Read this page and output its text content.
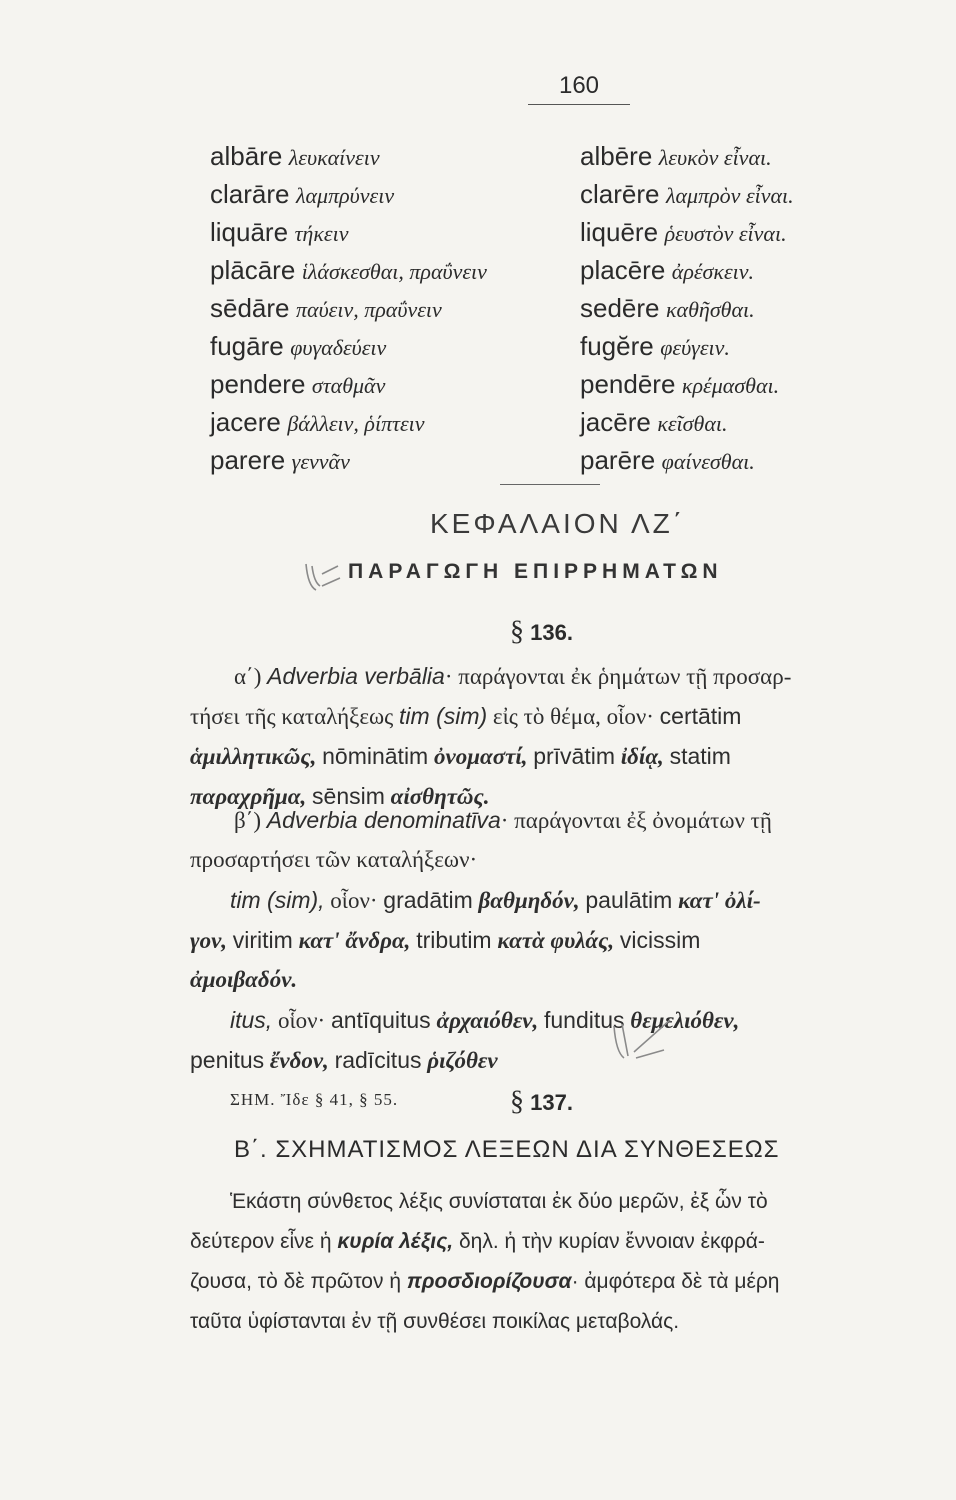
160
albāre λευκαίνειν
clarāre λαμπρύνειν
liquāre τήκειν
plācāre ἱλάσκεσθαι, πραΰνειν
sēdāre παύειν, πραΰνειν
fugāre φυγαδεύειν
pendere σταθμᾶν
jacere βάλλειν, ῥίπτειν
parere γεννᾶν
albēre λευκὸν εἶναι.
clarēre λαμπρὸν εἶναι.
liquēre ῥευστὸν εἶναι.
placēre ἀρέσκειν.
sedēre καθῆσθαι.
fugĕre φεύγειν.
pendēre κρέμασθαι.
jacēre κεῖσθαι.
parēre φαίνεσθαι.
ΚΕΦΑΛΑΙΟΝ ΛΖ΄
ΠΑΡΑΓΩΓΗ ΕΠΙΡΡΗΜΑΤΩΝ
§ 136.
α΄) Adverbia verbālia· παράγονται ἐκ ῥημάτων τῇ προσαρ-
τήσει τῆς καταλήξεως tim (sim) εἰς τὸ θέμα, οἷον· certātim
ἁμιλλητικῶς, nōminātim ὀνομαστί, prīvātim ἰδίᾳ, statim
παραχρῆμα, sēnsim αἰσθητῶς.
β΄) Adverbia denominatīva· παράγονται ἐξ ὀνομάτων τῇ
προσαρτήσει τῶν καταλήξεων·
tim (sim), οἷον· gradātim βαθμηδόν, paulātim κατ' ὀλί-
γον, viritim κατ' ἄνδρα, tributim κατὰ φυλάς, vicissim
ἀμοιβαδόν.
itus, οἷον· antīquitus ἀρχαιόθεν, funditus θεμελιόθεν,
penitus ἔνδον, radīcitus ῥιζόθεν
ΣΗΜ. Ἴδε § 41, § 55.	§ 137.
Β΄. ΣΧΗΜΑΤΙΣΜΟΣ ΛΕΞΕΩΝ ΔΙΑ ΣΥΝΘΕΣΕΩΣ
Ἑκάστη σύνθετος λέξις συνίσταται ἐκ δύο μερῶν, ἐξ ὧν τὸ
δεύτερον εἶνε ἡ κυρία λέξις, δηλ. ἡ τὴν κυρίαν ἔννοιαν ἐκφρά-
ζουσα, τὸ δὲ πρῶτον ἡ προσδιορίζουσα· ἀμφότερα δὲ τὰ μέρη
ταῦτα ὑφίστανται ἐν τῇ συνθέσει ποικίλας μεταβολάς.
